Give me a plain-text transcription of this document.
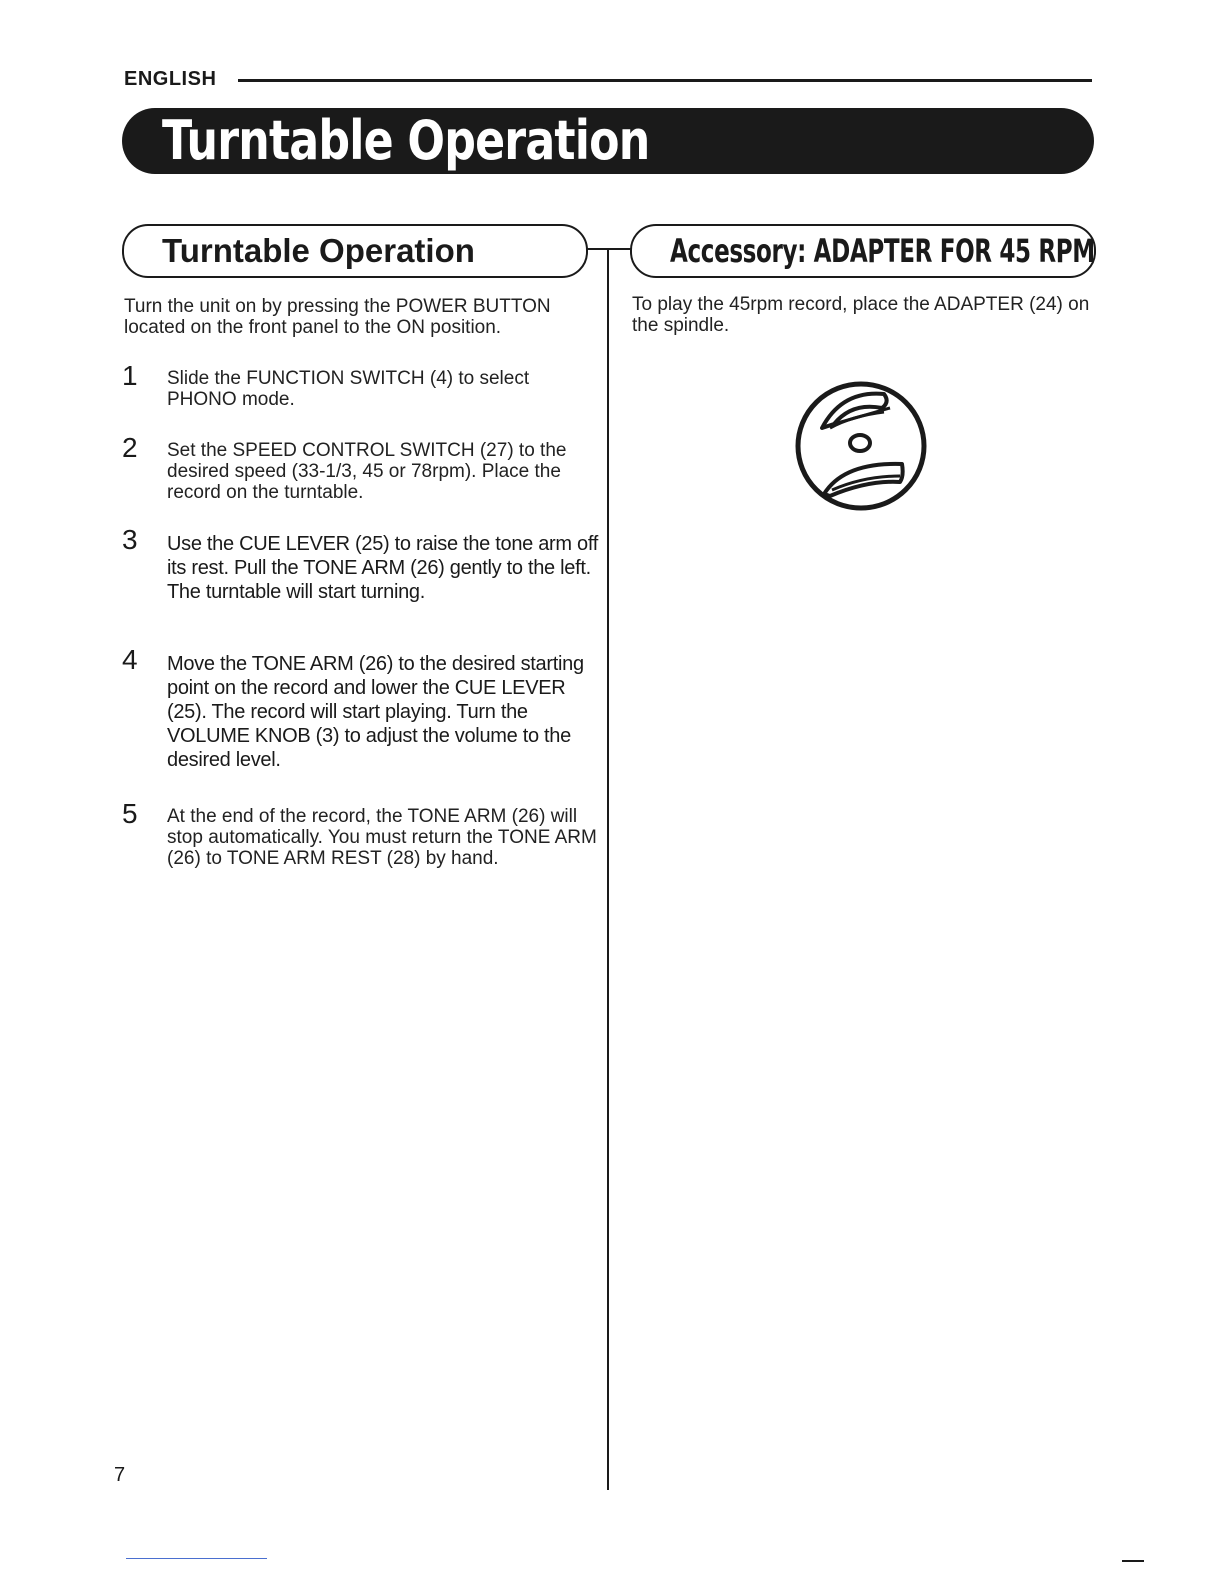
ENGLISH
Turntable Operation
Turntable Operation	Accessory: ADAPTER FOR 45 RPM
Turn the unit on by pressing the POWER BUTTON located on the front panel to the ON position.
1 Slide the FUNCTION SWITCH (4) to select PHONO mode.
2 Set the SPEED CONTROL SWITCH (27) to the desired speed (33-1/3, 45 or 78rpm). Place the record on the turntable.
3 Use the CUE LEVER (25) to raise the tone arm off its rest. Pull the TONE ARM (26) gently to the left. The turntable will start turning.
4 Move the TONE ARM (26) to the desired starting point on the record and lower the CUE LEVER (25). The record will start playing. Turn the VOLUME KNOB (3) to adjust the volume to the desired level.
5 At the end of the record, the TONE ARM (26) will stop automatically. You must return the TONE ARM (26) to TONE ARM REST (28) by hand.
To play the 45rpm record, place the ADAPTER (24) on the spindle.
7
